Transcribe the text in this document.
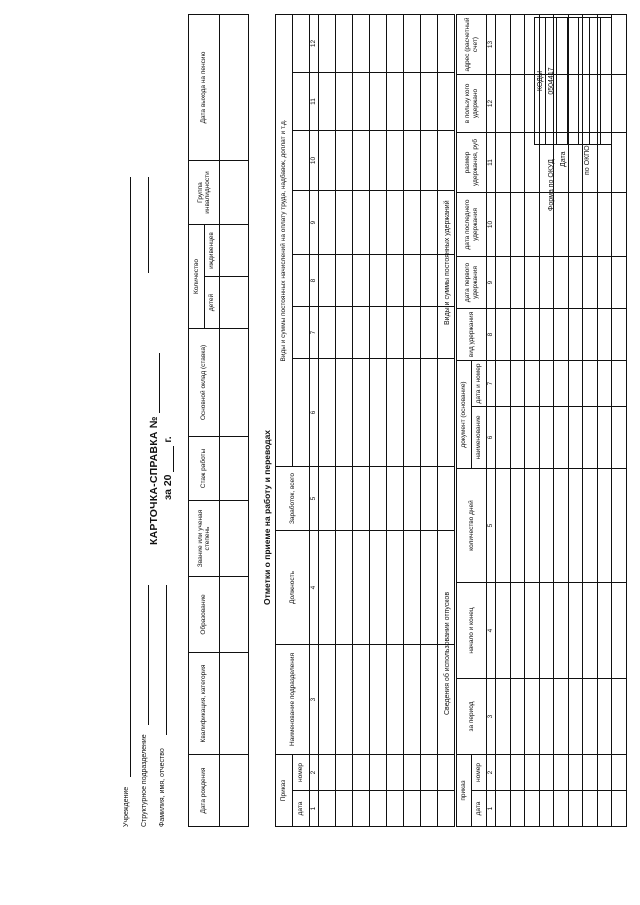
КАРТОЧКА-СПРАВКА № за 20  г.
КОДЫ
0504417

Форма по ОКУД Дата по ОКПО
Учреждение Структурное подразделение Фамилия, имя, отчество	Дата рождения	Квалификация, категория	Образование	Звание или ученая степень	Стаж работы	Основной оклад (ставка)	Количество		Группа инвалидности	Дата выхода на пенсию
						детей	иждивенцев		

Отметки о приеме на работу и переводах
Приказ		Наименование подразделения	Должность	Заработок, всего	Виды и суммы постоянных начислений на оплату труда, надбавок, доплат и т.д.						
дата	номер										
1	2	3	4	5	6	7	8	9	10	11	12

Сведения об использовании отпусков
приказ		за период	начало и конец	количество дней
дата	номер			
1	2	3	4	5

Виды и суммы постоянных удержаний
документ (основание)		вид удержания	дата первого удержания	дата последнего удержания	размер удержания, руб	в пользу кого удержано	адрес (расчетный счет)
наименование	дата и номер						
6	7	8	9	10	11	12	13
